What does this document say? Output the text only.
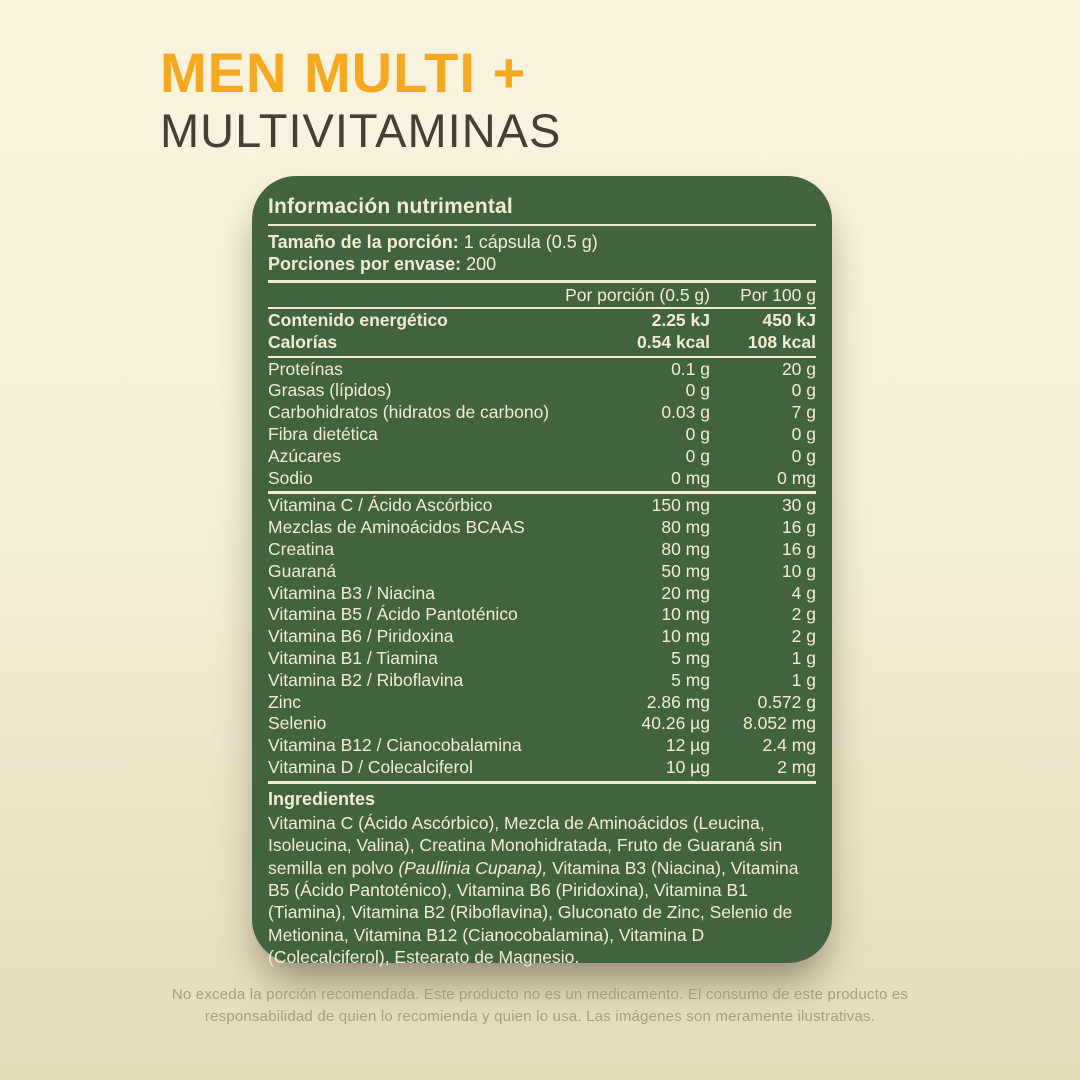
MEN MULTI +
MULTIVITAMINAS
Información nutrimental
Tamaño de la porción: 1 cápsula (0.5 g)
Porciones por envase: 200
Por porción (0.5 g)	Por 100 g
Contenido energético	2.25 kJ	450 kJ
Calorías	0.54 kcal	108 kcal
Proteínas	0.1 g	20 g
Grasas (lípidos)	0 g	0 g
Carbohidratos (hidratos de carbono)	0.03 g	7 g
Fibra dietética	0 g	0 g
Azúcares	0 g	0 g
Sodio	0 mg	0 mg
Vitamina C / Ácido Ascórbico	150 mg	30 g
Mezclas de Aminoácidos BCAAS	80 mg	16 g
Creatina	80 mg	16 g
Guaraná	50 mg	10 g
Vitamina B3 / Niacina	20 mg	4 g
Vitamina B5 / Ácido Pantoténico	10 mg	2 g
Vitamina B6 / Piridoxina	10 mg	2 g
Vitamina B1 / Tiamina	5 mg	1 g
Vitamina B2 / Riboflavina	5 mg	1 g
Zinc	2.86 mg	0.572 g
Selenio	40.26 µg	8.052 mg
Vitamina B12 / Cianocobalamina	12 µg	2.4 mg
Vitamina D / Colecalciferol	10 µg	2 mg
Ingredientes
Vitamina C (Ácido Ascórbico), Mezcla de Aminoácidos (Leucina, Isoleucina, Valina), Creatina Monohidratada, Fruto de Guaraná sin semilla en polvo (Paullinia Cupana), Vitamina B3 (Niacina), Vitamina B5 (Ácido Pantoténico), Vitamina B6 (Piridoxina), Vitamina B1 (Tiamina), Vitamina B2 (Riboflavina), Gluconato de Zinc, Selenio de Metionina, Vitamina B12 (Cianocobalamina), Vitamina D (Colecalciferol), Estearato de Magnesio.
No exceda la porción recomendada. Este producto no es un medicamento. El consumo de este producto es responsabilidad de quien lo recomienda y quien lo usa. Las imágenes son meramente ilustrativas.
